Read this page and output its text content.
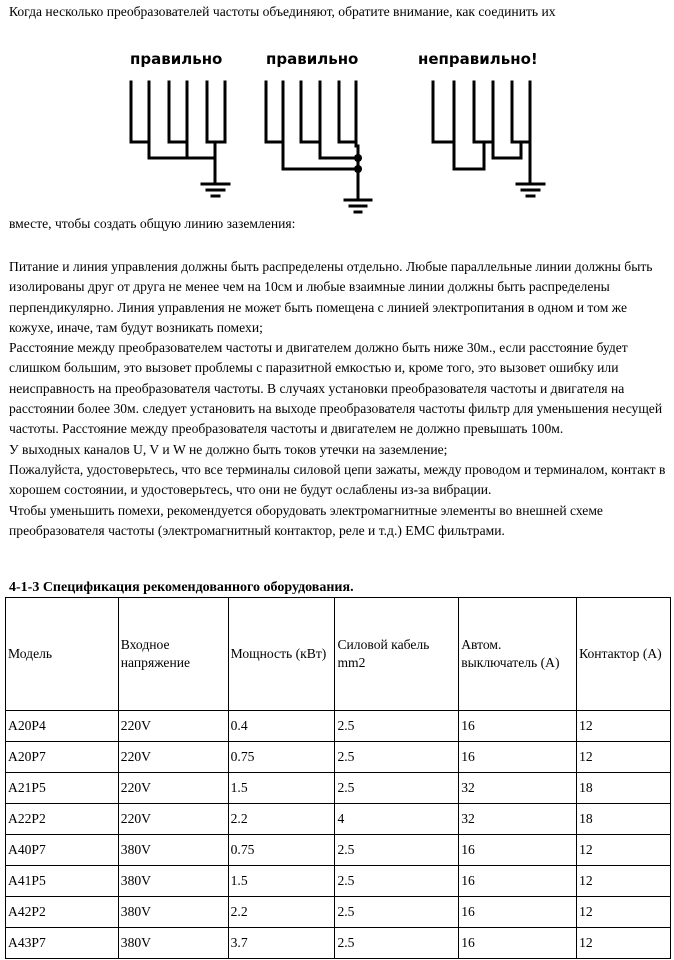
Когда несколько преобразователей частоты объединяют, обратите внимание, как соединить их
правильно	правильно	неправильно!
вместе, чтобы создать общую линию заземления:

Питание и линия управления должны быть распределены отдельно. Любые параллельные линии должны быть изолированы друг от друга не менее чем на 10см и любые взаимные линии должны быть распределены перпендикулярно. Линия управления не может быть помещена с линией электропитания в одном и том же кожухе, иначе, там будут возникать помехи;

Расстояние между преобразователем частоты и двигателем должно быть ниже 30м., если расстояние будет слишком большим, это вызовет проблемы с паразитной емкостью и, кроме того, это вызовет ошибку или неисправность на преобразователя частоты. В случаях установки преобразователя частоты и двигателя на расстоянии более 30м. следует установить на выходе преобразователя частоты фильтр для уменьшения несущей частоты. Расстояние между преобразователя частоты и двигателем не должно превышать 100м.

У выходных каналов U, V и W не должно быть токов утечки на заземление;

Пожалуйста, удостоверьтесь, что все терминалы силовой цепи зажаты, между проводом и терминалом, контакт в хорошем состоянии, и удостоверьтесь, что они не будут ослаблены из-за вибрации.

Чтобы уменьшить помехи, рекомендуется оборудовать электромагнитные элементы во внешней схеме преобразователя частоты (электромагнитный контактор, реле и т.д.) EMC фильтрами.

4-1-3 Спецификация рекомендованного оборудования.
Модель	Входное напряжение	Мощность (кВт)	Силовой кабель mm2	Автом. выключатель (А)	Контактор (А)
A20P4	220V	0.4	2.5	16	12
A20P7	220V	0.75	2.5	16	12
A21P5	220V	1.5	2.5	32	18
A22P2	220V	2.2	4	32	18
A40P7	380V	0.75	2.5	16	12
A41P5	380V	1.5	2.5	16	12
A42P2	380V	2.2	2.5	16	12
A43P7	380V	3.7	2.5	16	12
